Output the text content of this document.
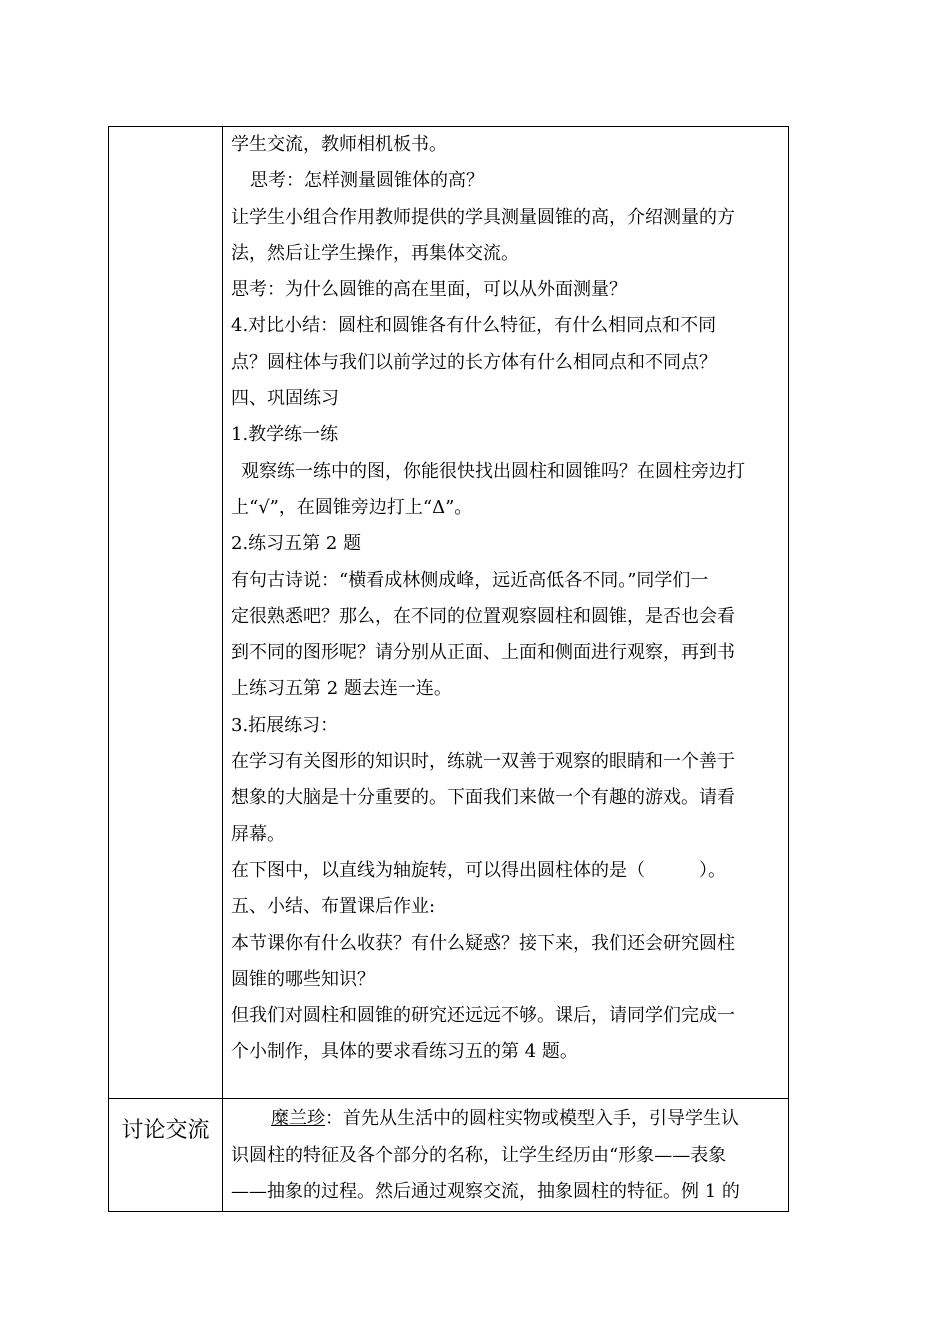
学生交流，教师相机板书。
思考：怎样测量圆锥体的高？
让学生小组合作用教师提供的学具测量圆锥的高，介绍测量的方
法，然后让学生操作，再集体交流。
思考：为什么圆锥的高在里面，可以从外面测量？
4.对比小结：圆柱和圆锥各有什么特征，有什么相同点和不同
点？圆柱体与我们以前学过的长方体有什么相同点和不同点？
四、巩固练习
1.教学练一练
观察练一练中的图，你能很快找出圆柱和圆锥吗？在圆柱旁边打
上“√”，在圆锥旁边打上“Δ”。
2.练习五第 2 题
有句古诗说：“横看成林侧成峰，远近高低各不同。”同学们一
定很熟悉吧？那么，在不同的位置观察圆柱和圆锥，是否也会看
到不同的图形呢？请分别从正面、上面和侧面进行观察，再到书
上练习五第 2 题去连一连。
3.拓展练习：
在学习有关图形的知识时，练就一双善于观察的眼睛和一个善于
想象的大脑是十分重要的。下面我们来做一个有趣的游戏。请看
屏幕。
在下图中，以直线为轴旋转，可以得出圆柱体的是（　　　）。
五、小结、布置课后作业:
本节课你有什么收获？有什么疑惑？接下来，我们还会研究圆柱
圆锥的哪些知识？
但我们对圆柱和圆锥的研究还远远不够。课后，请同学们完成一
个小制作，具体的要求看练习五的第 4 题。
讨论交流	糜兰珍：首先从生活中的圆柱实物或模型入手，引导学生认
识圆柱的特征及各个部分的名称，让学生经历由“形象——表象
——抽象的过程。然后通过观察交流，抽象圆柱的特征。例 1 的
